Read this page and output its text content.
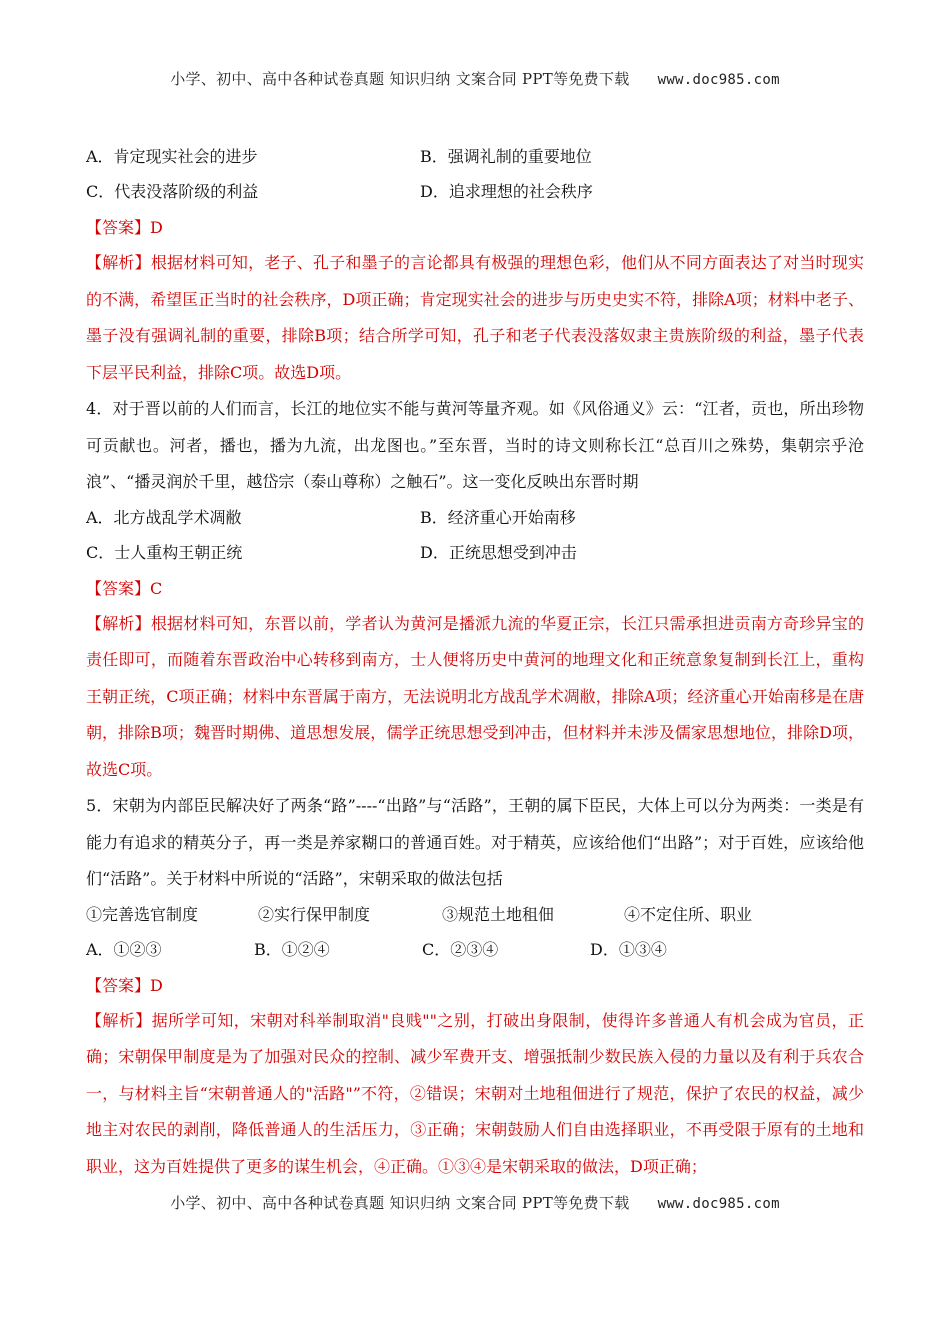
小学、初中、高中各种试卷真题 知识归纳 文案合同 PPT等免费下载 www.doc985.com
A．肯定现实社会的进步	B．强调礼制的重要地位
C．代表没落阶级的利益	D．追求理想的社会秩序
【答案】D
【解析】根据材料可知，老子、孔子和墨子的言论都具有极强的理想色彩，他们从不同方面表达了对当时现实的不满，希望匡正当时的社会秩序，D项正确；肯定现实社会的进步与历史史实不符，排除A项；材料中老子、墨子没有强调礼制的重要，排除B项；结合所学可知，孔子和老子代表没落奴隶主贵族阶级的利益，墨子代表下层平民利益，排除C项。故选D项。
4．对于晋以前的人们而言，长江的地位实不能与黄河等量齐观。如《风俗通义》云：“江者，贡也，所出珍物可贡献也。河者，播也，播为九流，出龙图也。”至东晋，当时的诗文则称长江“总百川之殊势，集朝宗乎沧浪”、“播灵润於千里，越岱宗（泰山尊称）之触石”。这一变化反映出东晋时期
A．北方战乱学术凋敝	B．经济重心开始南移
C．士人重构王朝正统	D．正统思想受到冲击
【答案】C
【解析】根据材料可知，东晋以前，学者认为黄河是播派九流的华夏正宗，长江只需承担进贡南方奇珍异宝的责任即可，而随着东晋政治中心转移到南方，士人便将历史中黄河的地理文化和正统意象复制到长江上，重构王朝正统，C项正确；材料中东晋属于南方，无法说明北方战乱学术凋敝，排除A项；经济重心开始南移是在唐朝，排除B项；魏晋时期佛、道思想发展，儒学正统思想受到冲击，但材料并未涉及儒家思想地位，排除D项，故选C项。
5．宋朝为内部臣民解决好了两条“路”----“出路”与“活路”，王朝的属下臣民，大体上可以分为两类：一类是有能力有追求的精英分子，再一类是养家糊口的普通百姓。对于精英，应该给他们“出路”；对于百姓，应该给他们“活路”。关于材料中所说的“活路”，宋朝采取的做法包括
①完善选官制度	②实行保甲制度	③规范土地租佃	④不定住所、职业
A．①②③	B．①②④	C．②③④	D．①③④
【答案】D
【解析】据所学可知，宋朝对科举制取消"良贱""之别，打破出身限制，使得许多普通人有机会成为官员，正确；宋朝保甲制度是为了加强对民众的控制、减少军费开支、增强抵制少数民族入侵的力量以及有利于兵农合一，与材料主旨“宋朝普通人的"活路"”不符，②错误；宋朝对土地租佃进行了规范，保护了农民的权益，减少地主对农民的剥削，降低普通人的生活压力，③正确；宋朝鼓励人们自由选择职业，不再受限于原有的土地和职业，这为百姓提供了更多的谋生机会，④正确。①③④是宋朝采取的做法，D项正确；
小学、初中、高中各种试卷真题 知识归纳 文案合同 PPT等免费下载 www.doc985.com
